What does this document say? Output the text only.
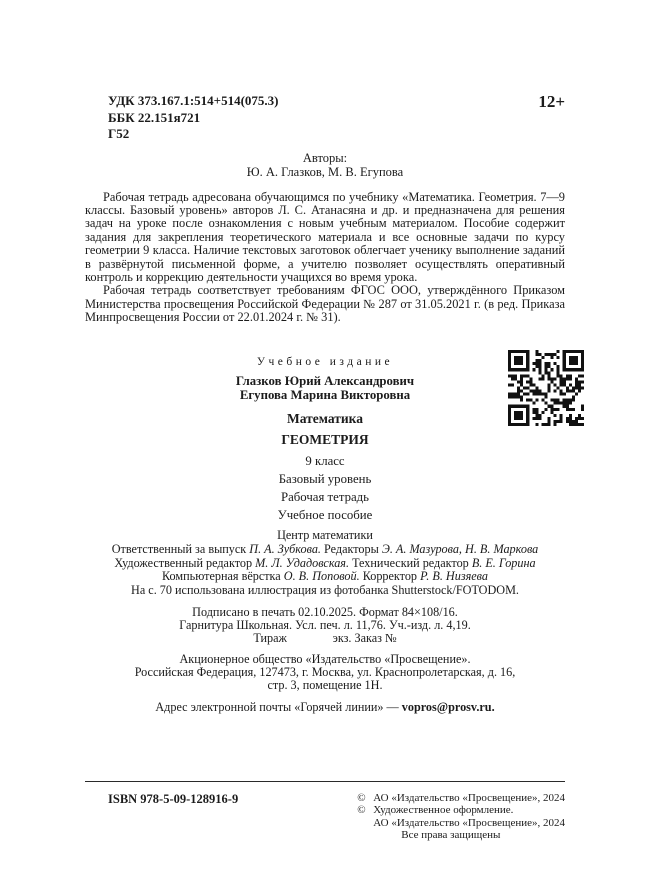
УДК 373.167.1:514+514(075.3)
ББК 22.151я721
Г52
12+
Авторы:
Ю. А. Глазков, М. В. Егупова

Рабочая тетрадь адресована обучающимся по учебнику «Математика. Геометрия. 7—9 классы. Базовый уровень» авторов Л. С. Атанасяна и др. и предназначена для решения задач на уроке после ознакомления с новым учебным материалом. Пособие содержит задания для закрепления теоретического материала и все основные задачи по курсу геометрии 9 класса. Наличие текстовых заготовок облегчает ученику выполнение заданий в развёрнутой письменной форме, а учителю позволяет осуществлять оперативный контроль и коррекцию деятельности учащихся во время урока.

Рабочая тетрадь соответствует требованиям ФГОС ООО, утверждённого Приказом Министерства просвещения Российской Федерации № 287 от 31.05.2021 г. (в ред. Приказа Минпросвещения России от 22.01.2024 г. № 31).

Учебное издание
Глазков Юрий Александрович
Егупова Марина Викторовна
Математика
ГЕОМЕТРИЯ
9 класс
Базовый уровень
Рабочая тетрадь
Учебное пособие
Центр математики
Ответственный за выпуск П. А. Зубкова. Редакторы Э. А. Мазурова, Н. В. Маркова
Художественный редактор М. Л. Удадовская. Технический редактор В. Е. Горина
Компьютерная вёрстка О. В. Поповой. Корректор Р. В. Низяева
На с. 70 использована иллюстрация из фотобанка Shutterstock/FOTODOM.
Подписано в печать 02.10.2025. Формат 84×108/16.
Гарнитура Школьная. Усл. печ. л. 11,76. Уч.-изд. л. 4,19.
Тираж               экз. Заказ №
Акционерное общество «Издательство «Просвещение».
Российская Федерация, 127473, г. Москва, ул. Краснопролетарская, д. 16,
стр. 3, помещение 1Н.
Адрес электронной почты «Горячей линии» — vopros@prosv.ru.
ISBN 978-5-09-128916-9	© АО «Издательство «Просвещение», 2024
© Художественное оформление.
АО «Издательство «Просвещение», 2024
Все права защищены
